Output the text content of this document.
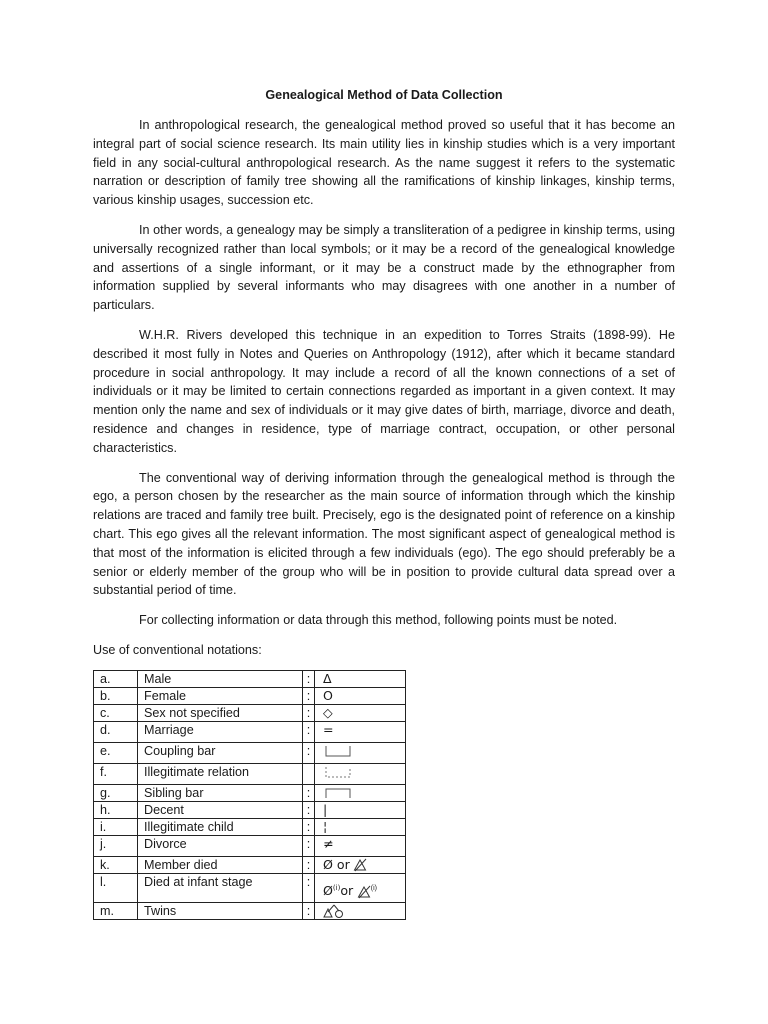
Genealogical Method of Data Collection

In anthropological research, the genealogical method proved so useful that it has become an integral part of social science research. Its main utility lies in kinship studies which is a very important field in any social-cultural anthropological research. As the name suggest it refers to the systematic narration or description of family tree showing all the ramifications of kinship linkages, kinship terms, various kinship usages, succession etc.

In other words, a genealogy may be simply a transliteration of a pedigree in kinship terms, using universally recognized rather than local symbols; or it may be a record of the genealogical knowledge and assertions of a single informant, or it may be a construct made by the ethnographer from information supplied by several informants who may disagrees with one another in a number of particulars.

W.H.R. Rivers developed this technique in an expedition to Torres Straits (1898-99). He described it most fully in Notes and Queries on Anthropology (1912), after which it became standard procedure in social anthropology. It may include a record of all the known connections of a set of individuals or it may be limited to certain connections regarded as important in a given context. It may mention only the name and sex of individuals or it may give dates of birth, marriage, divorce and death, residence and changes in residence, type of marriage contract, occupation, or other personal characteristics.

The conventional way of deriving information through the genealogical method is through the ego, a person chosen by the researcher as the main source of information through which the kinship relations are traced and family tree built. Precisely, ego is the designated point of reference on a kinship chart. This ego gives all the relevant information. The most significant aspect of genealogical method is that most of the information is elicited through a few individuals (ego). The ego should preferably be a senior or elderly member of the group who will be in position to provide cultural data spread over a substantial period of time.

For collecting information or data through this method, following points must be noted.

Use of conventional notations:

a.	Male	:	Δ
b.	Female	:	O
c.	Sex not specified	:	◇
d.	Marriage	:	=
e.	Coupling bar	:	
f.	Illegitimate relation		
g.	Sibling bar	:	
h.	Decent	:	|
i.	Illegitimate child	:	¦
j.	Divorce	:	≠
k.	Member died	:	Ø or
l.	Died at infant stage	:	$Ø^{(i)}or$ $^{(i)}$
m.	Twins	:	
